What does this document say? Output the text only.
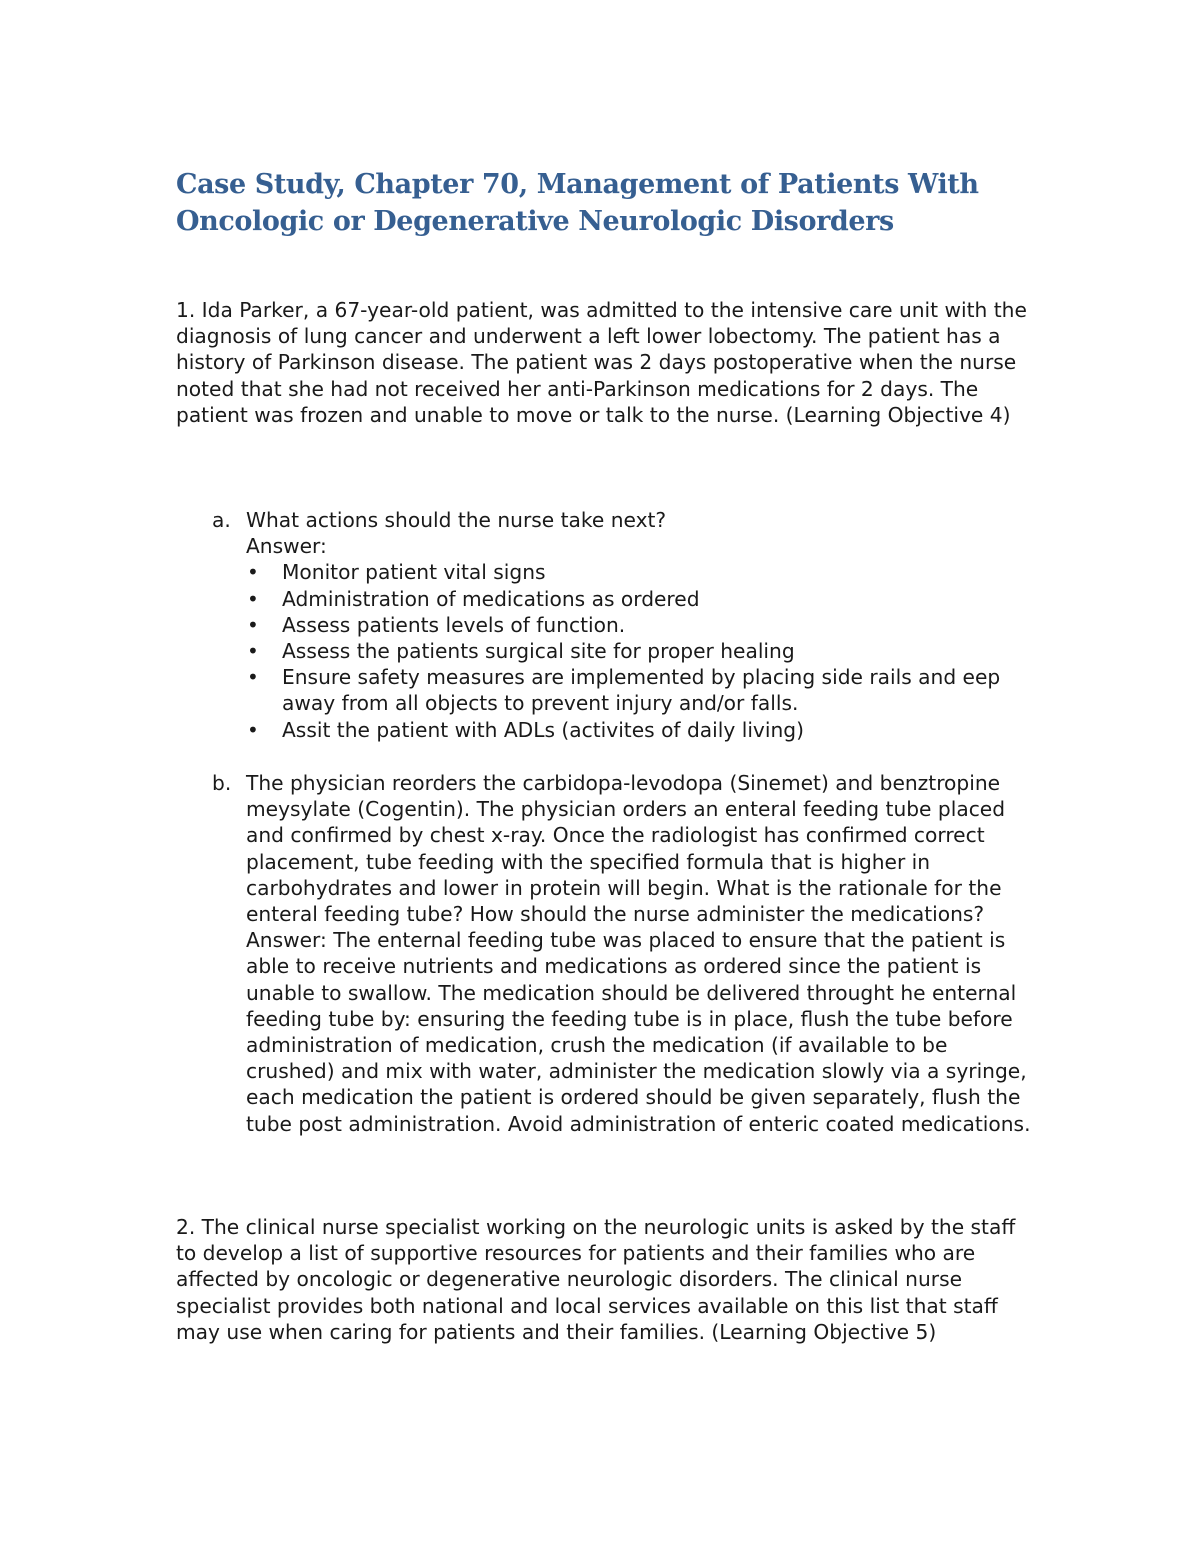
Case Study, Chapter 70, Management of Patients With Oncologic or Degenerative Neurologic Disorders

1. Ida Parker, a 67-year-old patient, was admitted to the intensive care unit with the diagnosis of lung cancer and underwent a left lower lobectomy. The patient has a history of Parkinson disease. The patient was 2 days postoperative when the nurse noted that she had not received her anti-Parkinson medications for 2 days. The patient was frozen and unable to move or talk to the nurse. (Learning Objective 4)

a. What actions should the nurse take next?

Answer:

• Monitor patient vital signs
• Administration of medications as ordered
• Assess patients levels of function.
• Assess the patients surgical site for proper healing
• Ensure safety measures are implemented by placing side rails and eep away from all objects to prevent injury and/or falls.
• Assit the patient with ADLs (activites of daily living)
b. The physician reorders the carbidopa-levodopa (Sinemet) and benztropine meysylate (Cogentin). The physician orders an enteral feeding tube placed and confirmed by chest x-ray. Once the radiologist has confirmed correct placement, tube feeding with the specified formula that is higher in carbohydrates and lower in protein will begin. What is the rationale for the enteral feeding tube? How should the nurse administer the medications?

Answer: The enternal feeding tube was placed to ensure that the patient is able to receive nutrients and medications as ordered since the patient is unable to swallow. The medication should be delivered throught he enternal feeding tube by: ensuring the feeding tube is in place, flush the tube before administration of medication, crush the medication (if available to be crushed) and mix with water, administer the medication slowly via a syringe, each medication the patient is ordered should be given separately, flush the tube post administration. Avoid administration of enteric coated medications.

2. The clinical nurse specialist working on the neurologic units is asked by the staff to develop a list of supportive resources for patients and their families who are affected by oncologic or degenerative neurologic disorders. The clinical nurse specialist provides both national and local services available on this list that staff may use when caring for patients and their families. (Learning Objective 5)
